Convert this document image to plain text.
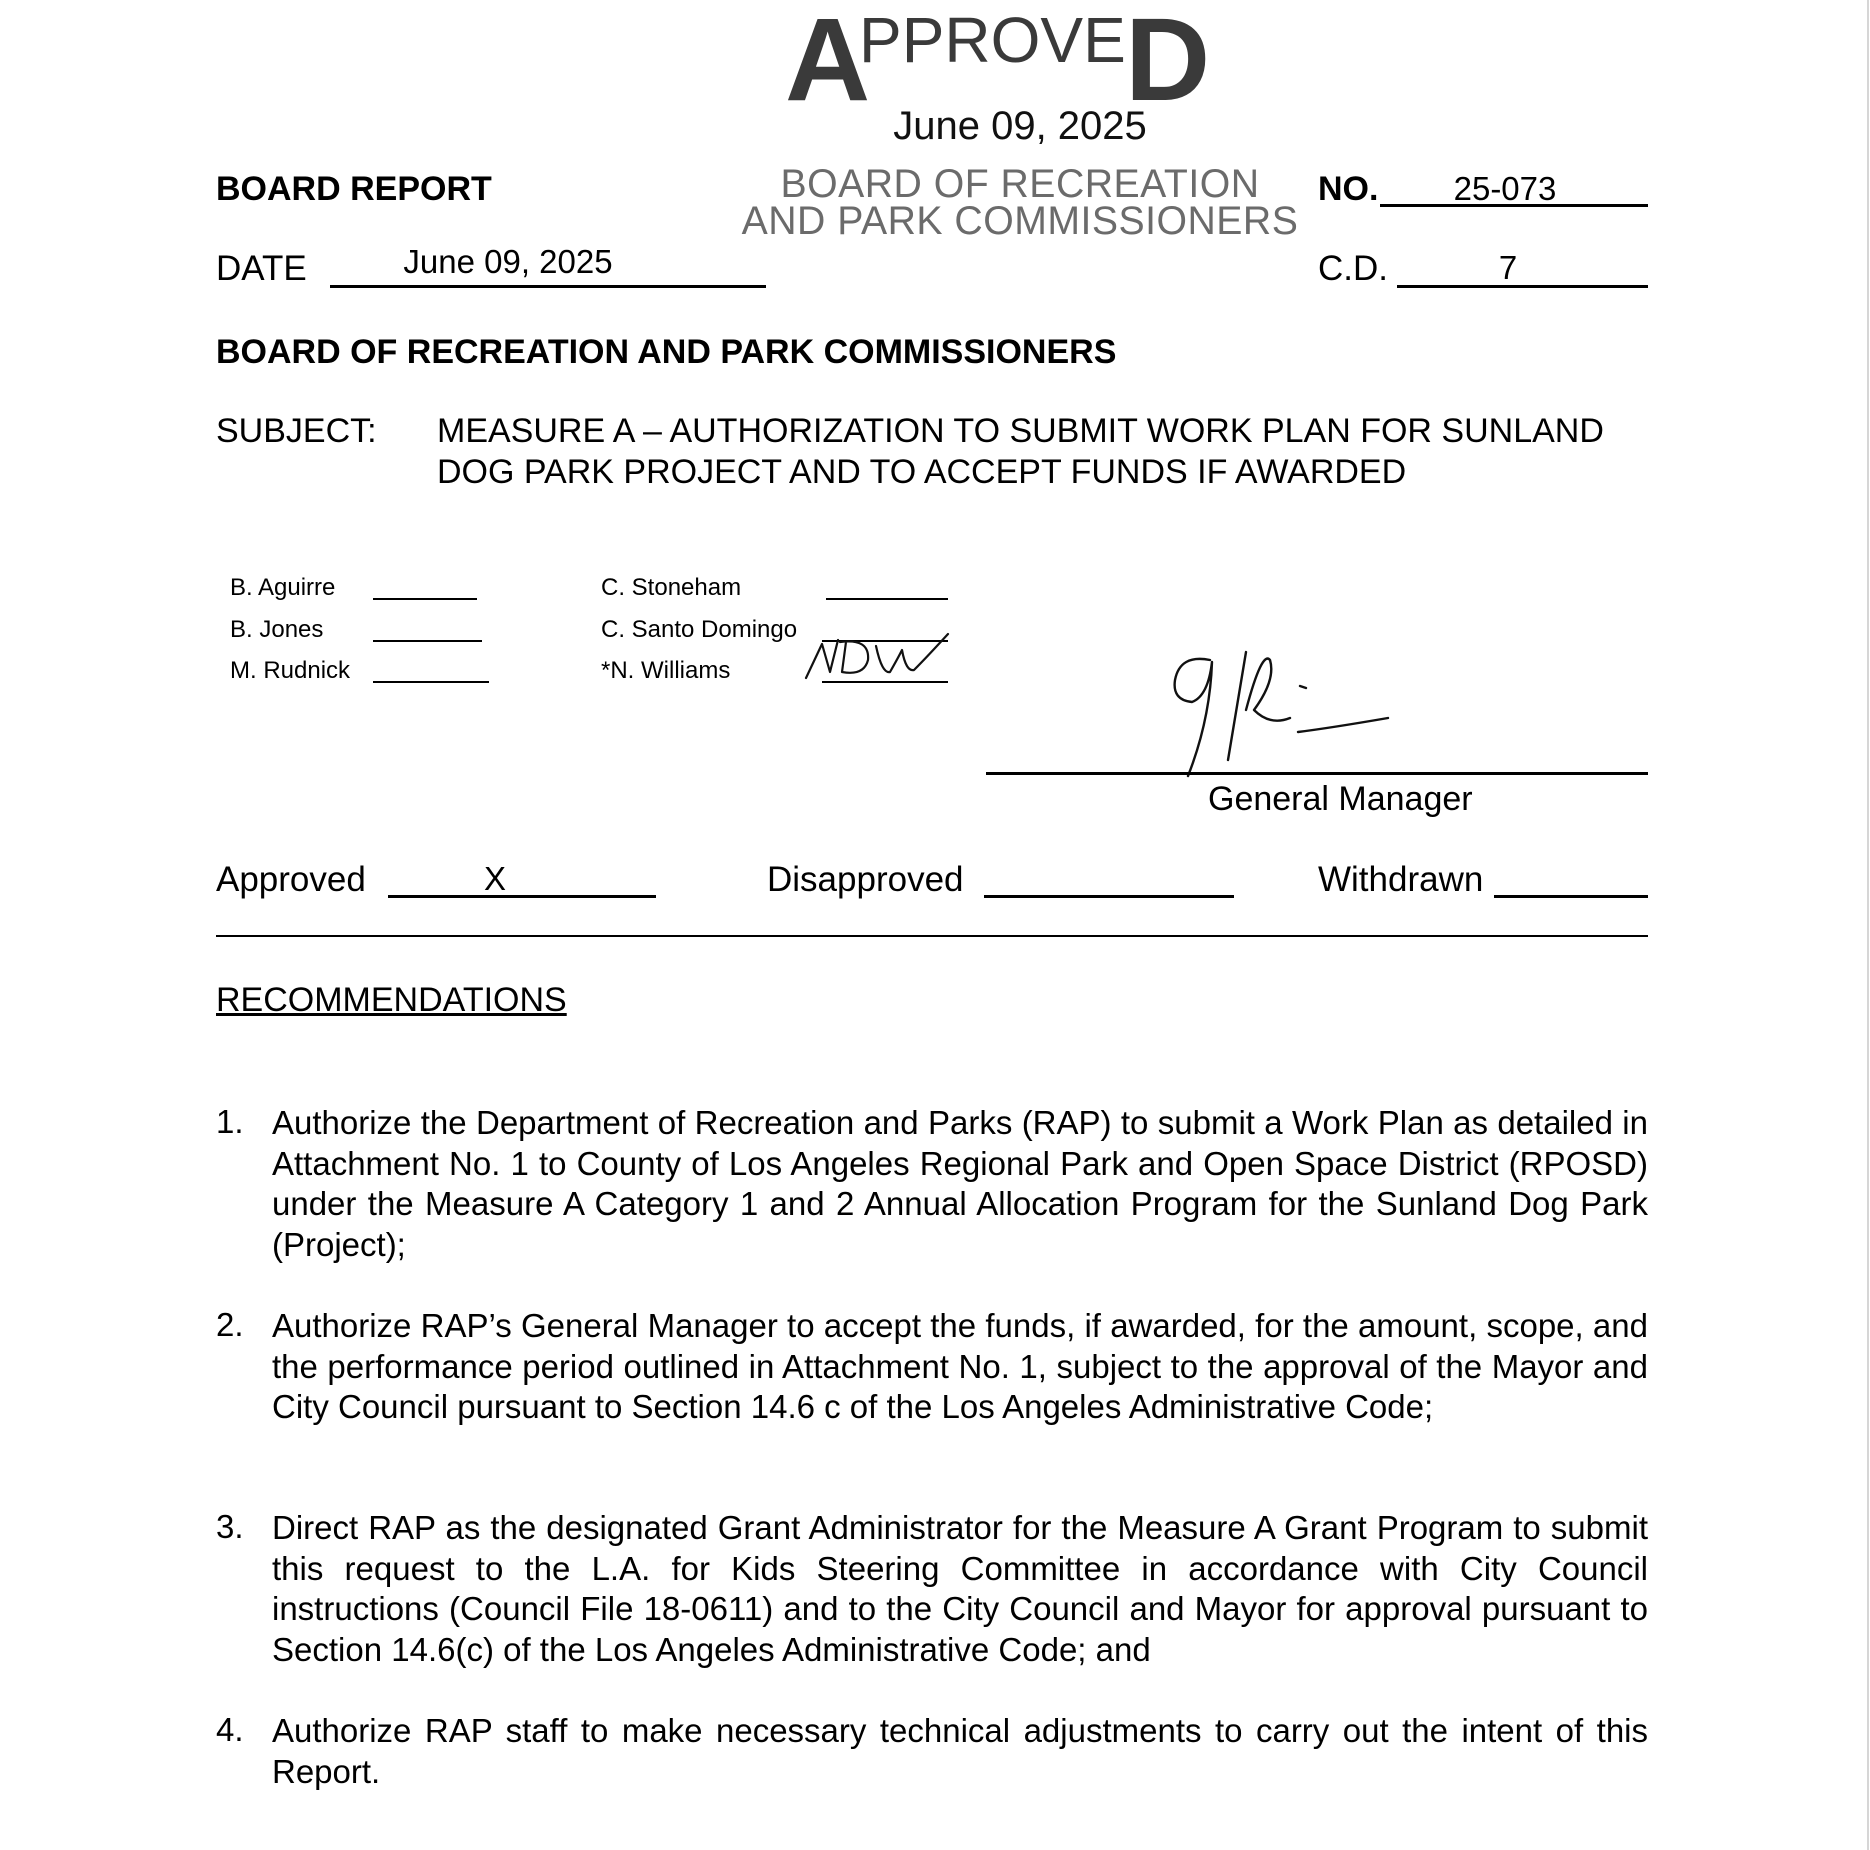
A
PPROVE D
June 09, 2025
BOARD OF RECREATION
AND PARK COMMISSIONERS
BOARD REPORT	NO.	25-073
DATE	June 09, 2025	C.D.	7
BOARD OF RECREATION AND PARK COMMISSIONERS
SUBJECT: MEASURE A – AUTHORIZATION TO SUBMIT WORK PLAN FOR SUNLAND
DOG PARK PROJECT AND TO ACCEPT FUNDS IF AWARDED
B. Aguirre
B. Jones
M. Rudnick
C. Stoneham
C. Santo Domingo
*N. Williams
General Manager
Approved	X	Disapproved	Withdrawn
RECOMMENDATIONS
1. Authorize the Department of Recreation and Parks (RAP) to submit a Work Plan as detailed in Attachment No. 1 to County of Los Angeles Regional Park and Open Space District (RPOSD) under the Measure A Category 1 and 2 Annual Allocation Program for the Sunland Dog Park (Project);
2. Authorize RAP’s General Manager to accept the funds, if awarded, for the amount, scope, and the performance period outlined in Attachment No. 1, subject to the approval of the Mayor and City Council pursuant to Section 14.6 c of the Los Angeles Administrative Code;
3. Direct RAP as the designated Grant Administrator for the Measure A Grant Program to submit this request to the L.A. for Kids Steering Committee in accordance with City Council instructions (Council File 18-0611) and to the City Council and Mayor for approval pursuant to Section 14.6(c) of the Los Angeles Administrative Code; and
4. Authorize RAP staff to make necessary technical adjustments to carry out the intent of this Report.
